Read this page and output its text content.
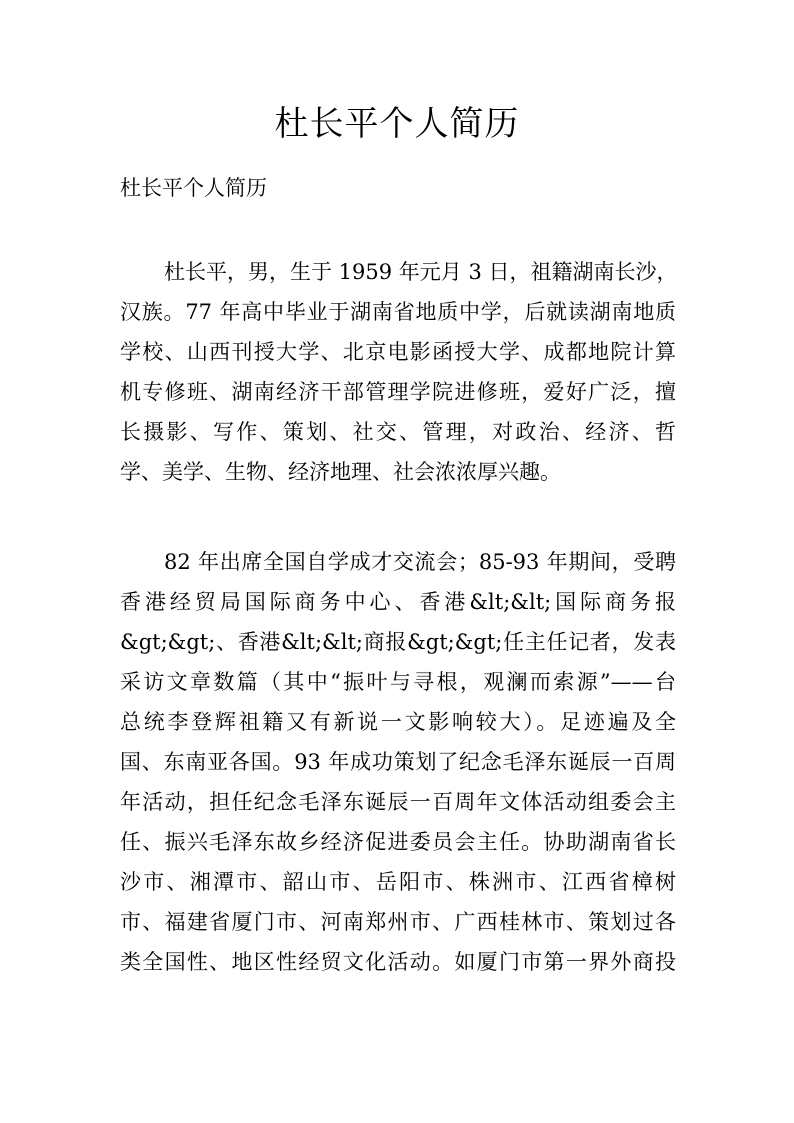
杜长平个人简历

杜长平个人简历

杜长平，男，生于 1959 年元月 3 日，祖籍湖南长沙，
汉族。77 年高中毕业于湖南省地质中学，后就读湖南地质
学校、山西刊授大学、北京电影函授大学、成都地院计算
机专修班、湖南经济干部管理学院进修班，爱好广泛，擅
长摄影、写作、策划、社交、管理，对政治、经济、哲
学、美学、生物、经济地理、社会浓浓厚兴趣。
82 年出席全国自学成才交流会；85-93 年期间，受聘
香港经贸局国际商务中心、香港&lt;&lt;国际商务报
&gt;&gt;、香港&lt;&lt;商报&gt;&gt;任主任记者，发表
采访文章数篇（其中“振叶与寻根，观澜而索源”——台
总统李登辉祖籍又有新说一文影响较大）。足迹遍及全
国、东南亚各国。93 年成功策划了纪念毛泽东诞辰一百周
年活动，担任纪念毛泽东诞辰一百周年文体活动组委会主
任、振兴毛泽东故乡经济促进委员会主任。协助湖南省长
沙市、湘潭市、韶山市、岳阳市、株洲市、江西省樟树
市、福建省厦门市、河南郑州市、广西桂林市、策划过各
类全国性、地区性经贸文化活动。如厦门市第一界外商投
